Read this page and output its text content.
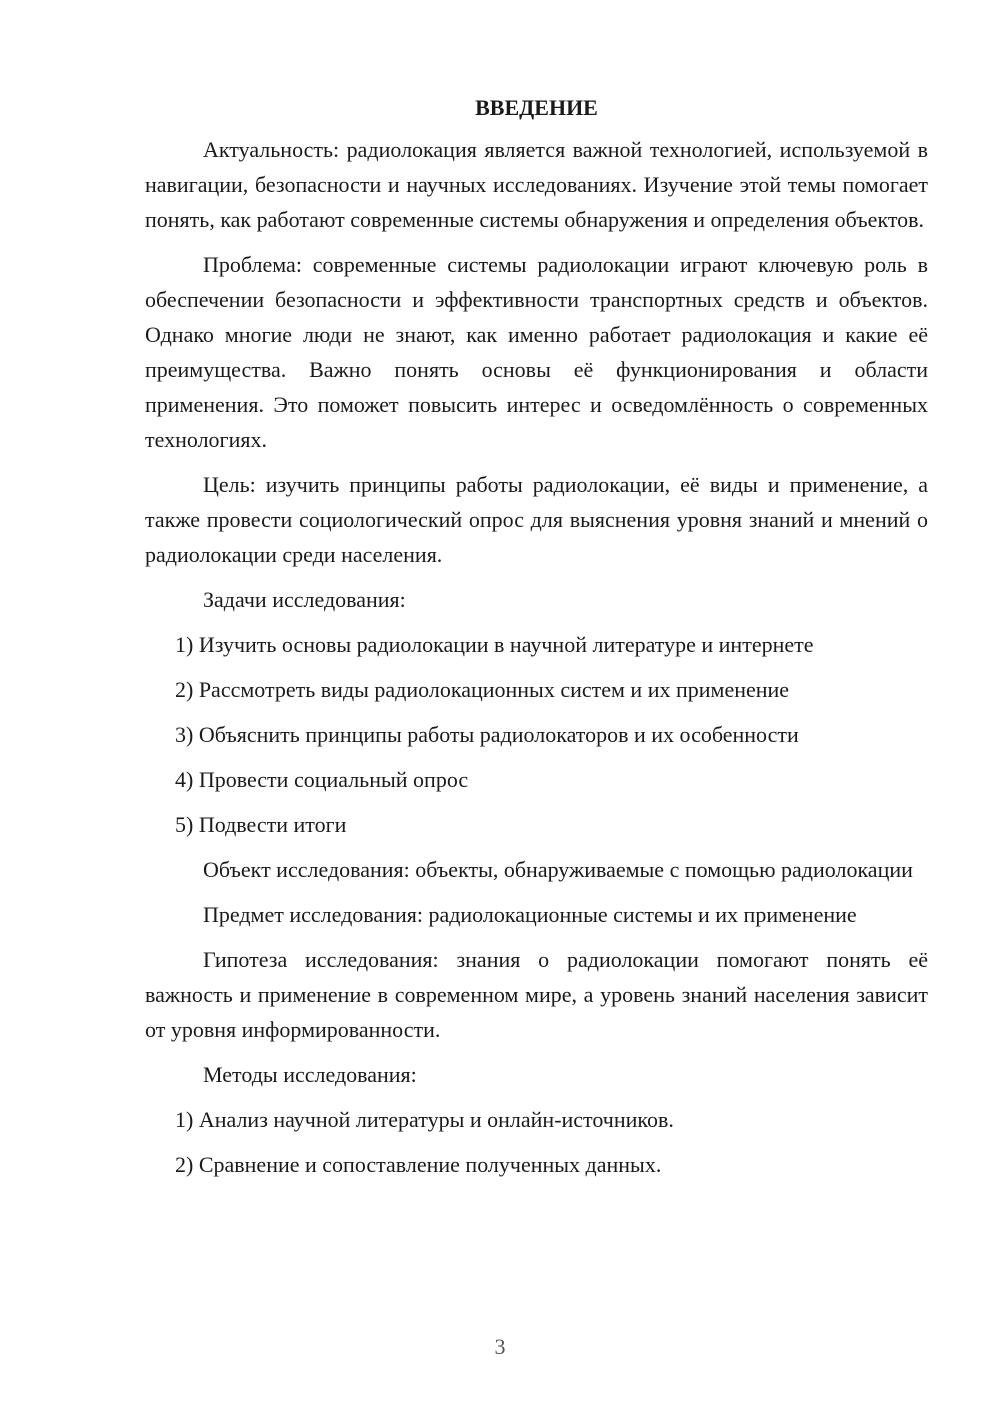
ВВЕДЕНИЕ

Актуальность: радиолокация является важной технологией, используемой в навигации, безопасности и научных исследованиях. Изучение этой темы помогает понять, как работают современные системы обнаружения и определения объектов.

Проблема: современные системы радиолокации играют ключевую роль в обеспечении безопасности и эффективности транспортных средств и объектов. Однако многие люди не знают, как именно работает радиолокация и какие её преимущества. Важно понять основы её функционирования и области применения. Это поможет повысить интерес и осведомлённость о современных технологиях.

Цель: изучить принципы работы радиолокации, её виды и применение, а также провести социологический опрос для выяснения уровня знаний и мнений о радиолокации среди населения.

Задачи исследования:

1) Изучить основы радиолокации в научной литературе и интернете
2) Рассмотреть виды радиолокационных систем и их применение
3) Объяснить принципы работы радиолокаторов и их особенности
4) Провести социальный опрос
5) Подвести итоги

Объект исследования: объекты, обнаруживаемые с помощью радиолокации

Предмет исследования: радиолокационные системы и их применение

Гипотеза исследования: знания о радиолокации помогают понять её важность и применение в современном мире, а уровень знаний населения зависит от уровня информированности.

Методы исследования:

1) Анализ научной литературы и онлайн-источников.
2) Сравнение и сопоставление полученных данных.
3
